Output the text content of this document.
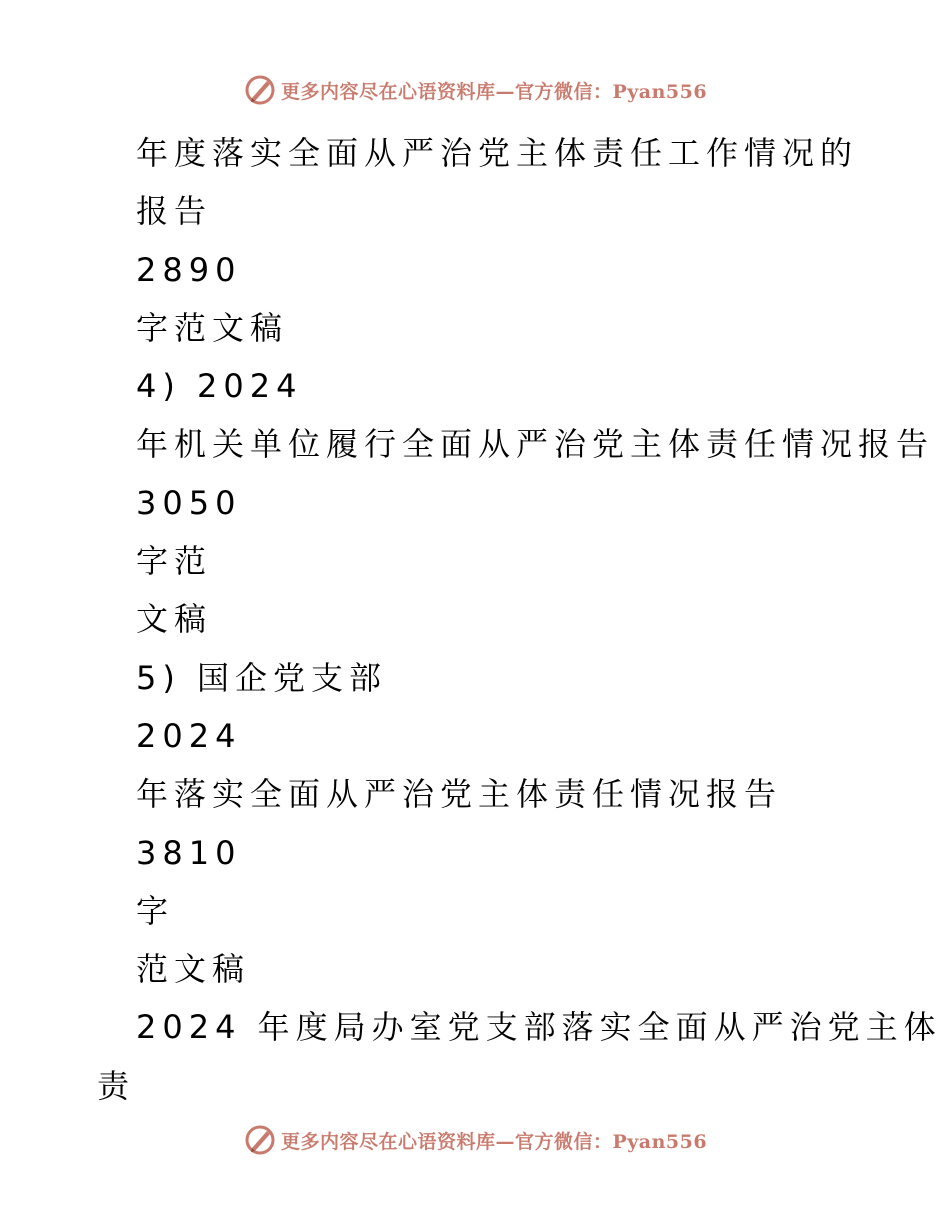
更多内容尽在心语资料库—官方微信：Pyan556
年度落实全面从严治党主体责任工作情况的
报告
2890
字范文稿
4) 2024
年机关单位履行全面从严治党主体责任情况报告
3050
字范
文稿
5) 国企党支部
2024
年落实全面从严治党主体责任情况报告
3810
字
范文稿
2024 年度局办室党支部落实全面从严治党主体
责
更多内容尽在心语资料库—官方微信：Pyan556
